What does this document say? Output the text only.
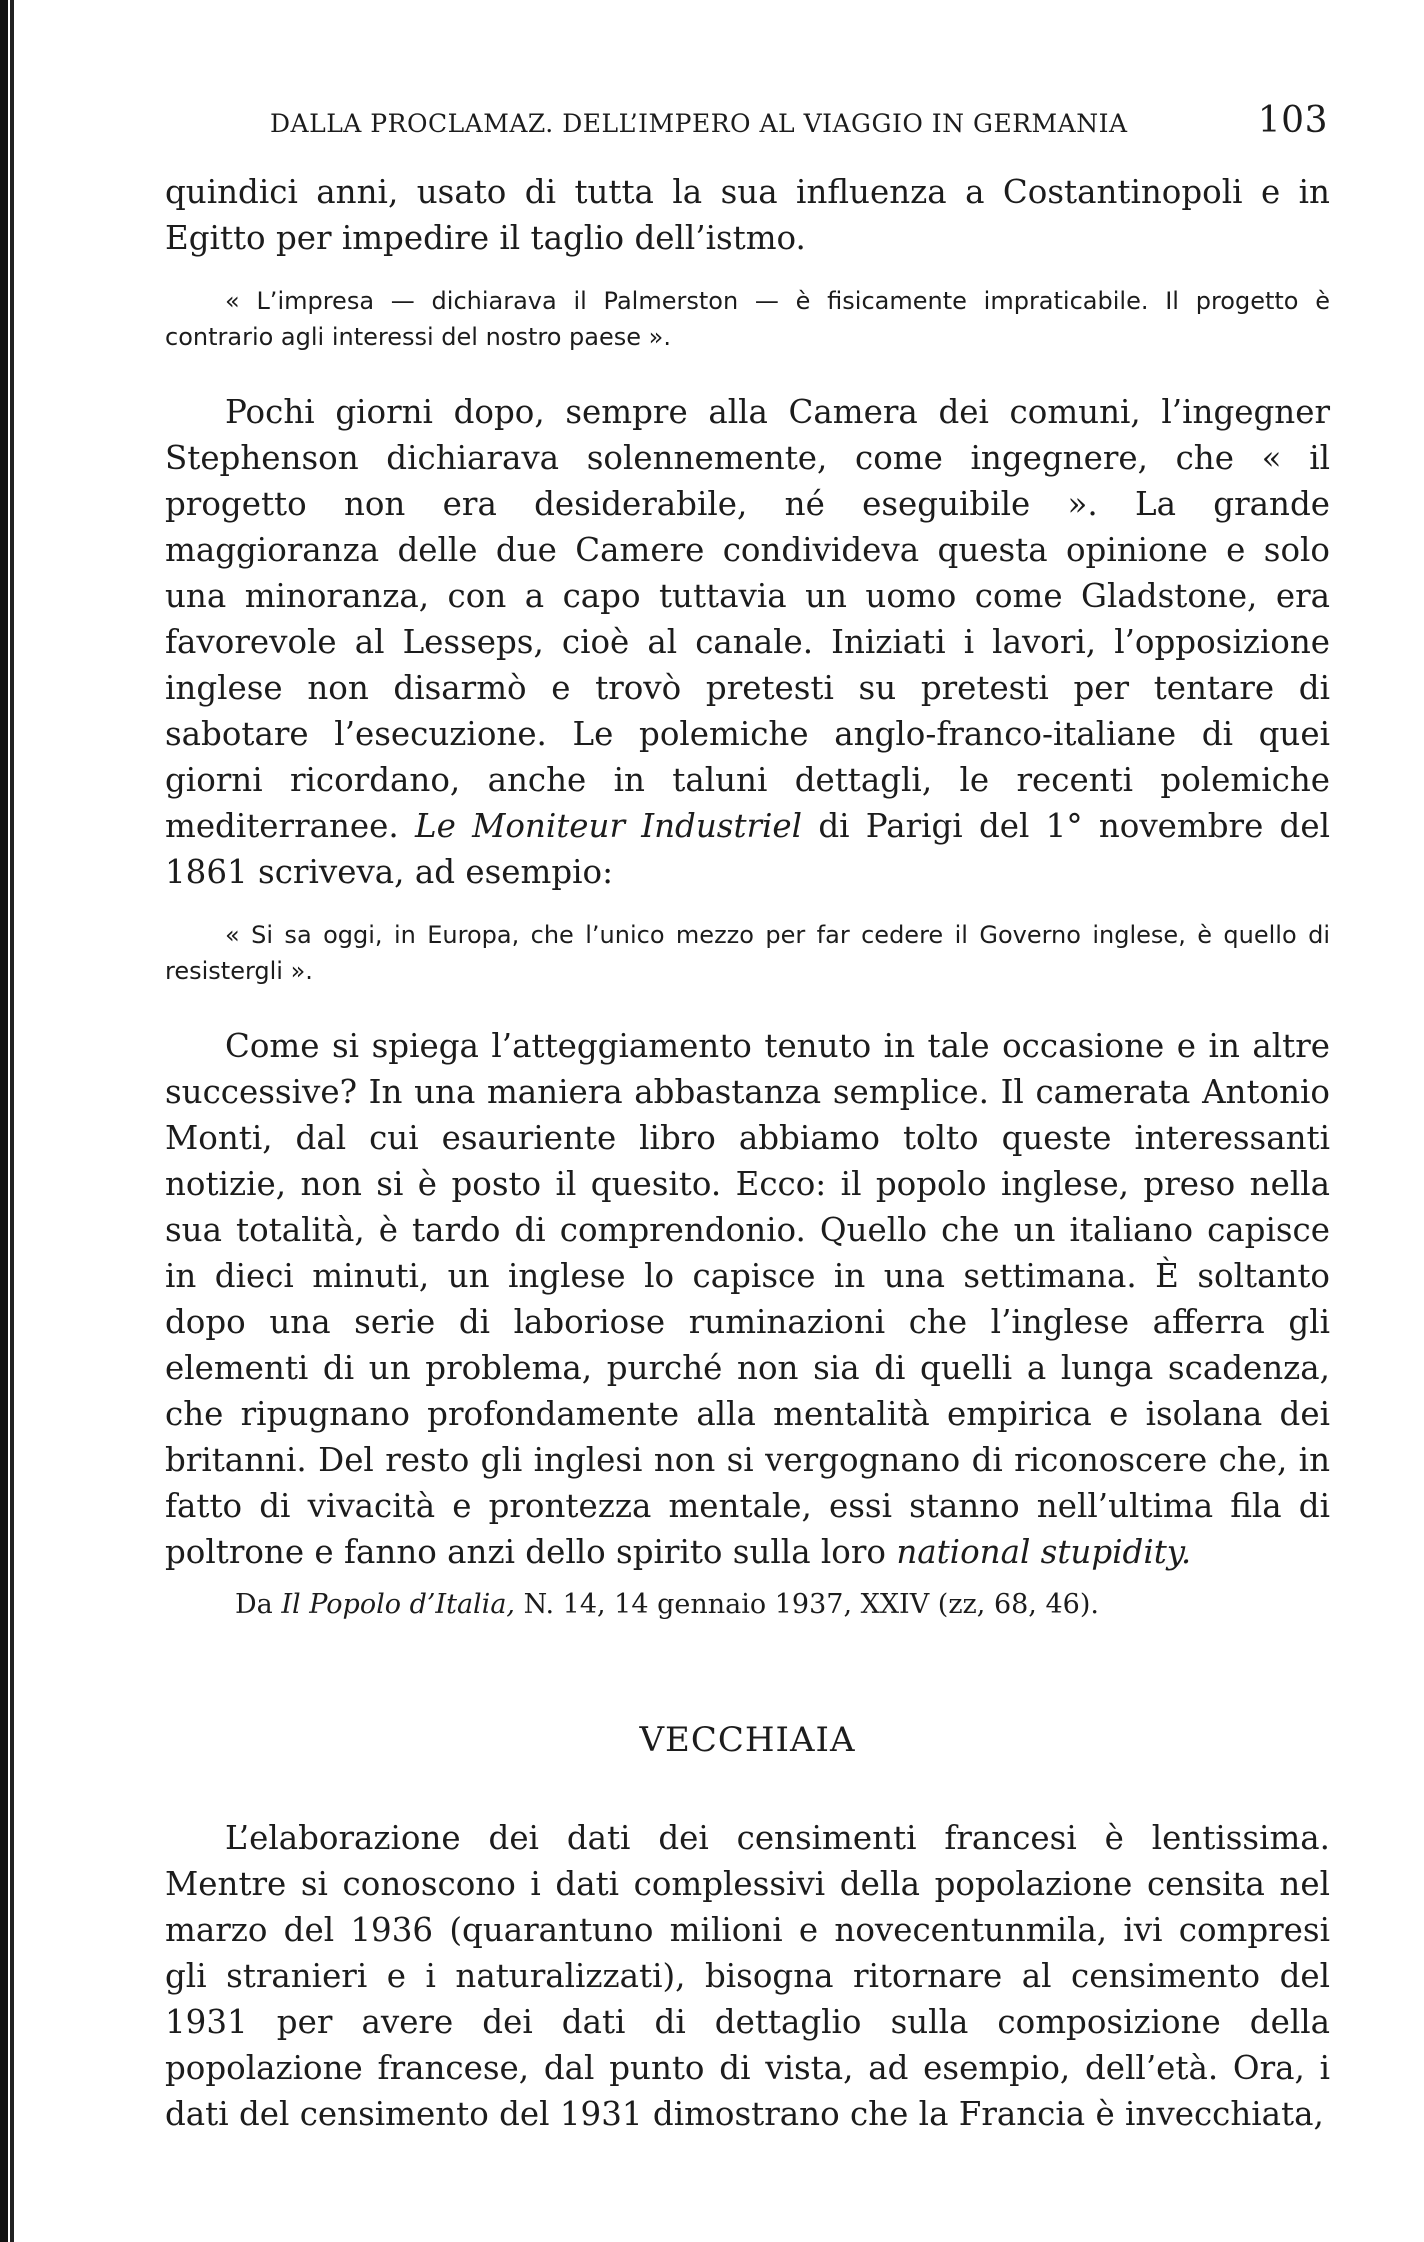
DALLA PROCLAMAZ. DELL’IMPERO AL VIAGGIO IN GERMANIA	103

quindici anni, usato di tutta la sua influenza a Costantinopoli e in Egitto per impedire il taglio dell’istmo.

« L’impresa — dichiarava il Palmerston — è fisicamente impraticabile. Il progetto è contrario agli interessi del nostro paese ».

Pochi giorni dopo, sempre alla Camera dei comuni, l’ingegner Stephenson dichiarava solennemente, come ingegnere, che « il progetto non era desiderabile, né eseguibile ». La grande maggioranza delle due Camere condivideva questa opinione e solo una minoranza, con a capo tuttavia un uomo come Gladstone, era favorevole al Lesseps, cioè al canale. Iniziati i lavori, l’opposizione inglese non disarmò e trovò pretesti su pretesti per tentare di sabotare l’esecuzione. Le polemiche anglo-franco-italiane di quei giorni ricordano, anche in taluni dettagli, le recenti polemiche mediterranee. Le Moniteur Industriel di Parigi del 1° novembre del 1861 scriveva, ad esempio:

« Si sa oggi, in Europa, che l’unico mezzo per far cedere il Governo inglese, è quello di resistergli ».

Come si spiega l’atteggiamento tenuto in tale occasione e in altre successive? In una maniera abbastanza semplice. Il camerata Antonio Monti, dal cui esauriente libro abbiamo tolto queste interessanti notizie, non si è posto il quesito. Ecco: il popolo inglese, preso nella sua totalità, è tardo di comprendonio. Quello che un italiano capisce in dieci minuti, un inglese lo capisce in una settimana. È soltanto dopo una serie di laboriose ruminazioni che l’inglese afferra gli elementi di un problema, purché non sia di quelli a lunga scadenza, che ripugnano profondamente alla mentalità empirica e isolana dei britanni. Del resto gli inglesi non si vergognano di riconoscere che, in fatto di vivacità e prontezza mentale, essi stanno nell’ultima fila di poltrone e fanno anzi dello spirito sulla loro national stupidity.

Da Il Popolo d’Italia, N. 14, 14 gennaio 1937, XXIV (zz, 68, 46).
VECCHIAIA

L’elaborazione dei dati dei censimenti francesi è lentissima. Mentre si conoscono i dati complessivi della popolazione censita nel marzo del 1936 (quarantuno milioni e novecentunmila, ivi compresi gli stranieri e i naturalizzati), bisogna ritornare al censimento del 1931 per avere dei dati di dettaglio sulla composizione della popolazione francese, dal punto di vista, ad esempio, dell’età. Ora, i dati del censimento del 1931 dimostrano che la Francia è invecchiata,
